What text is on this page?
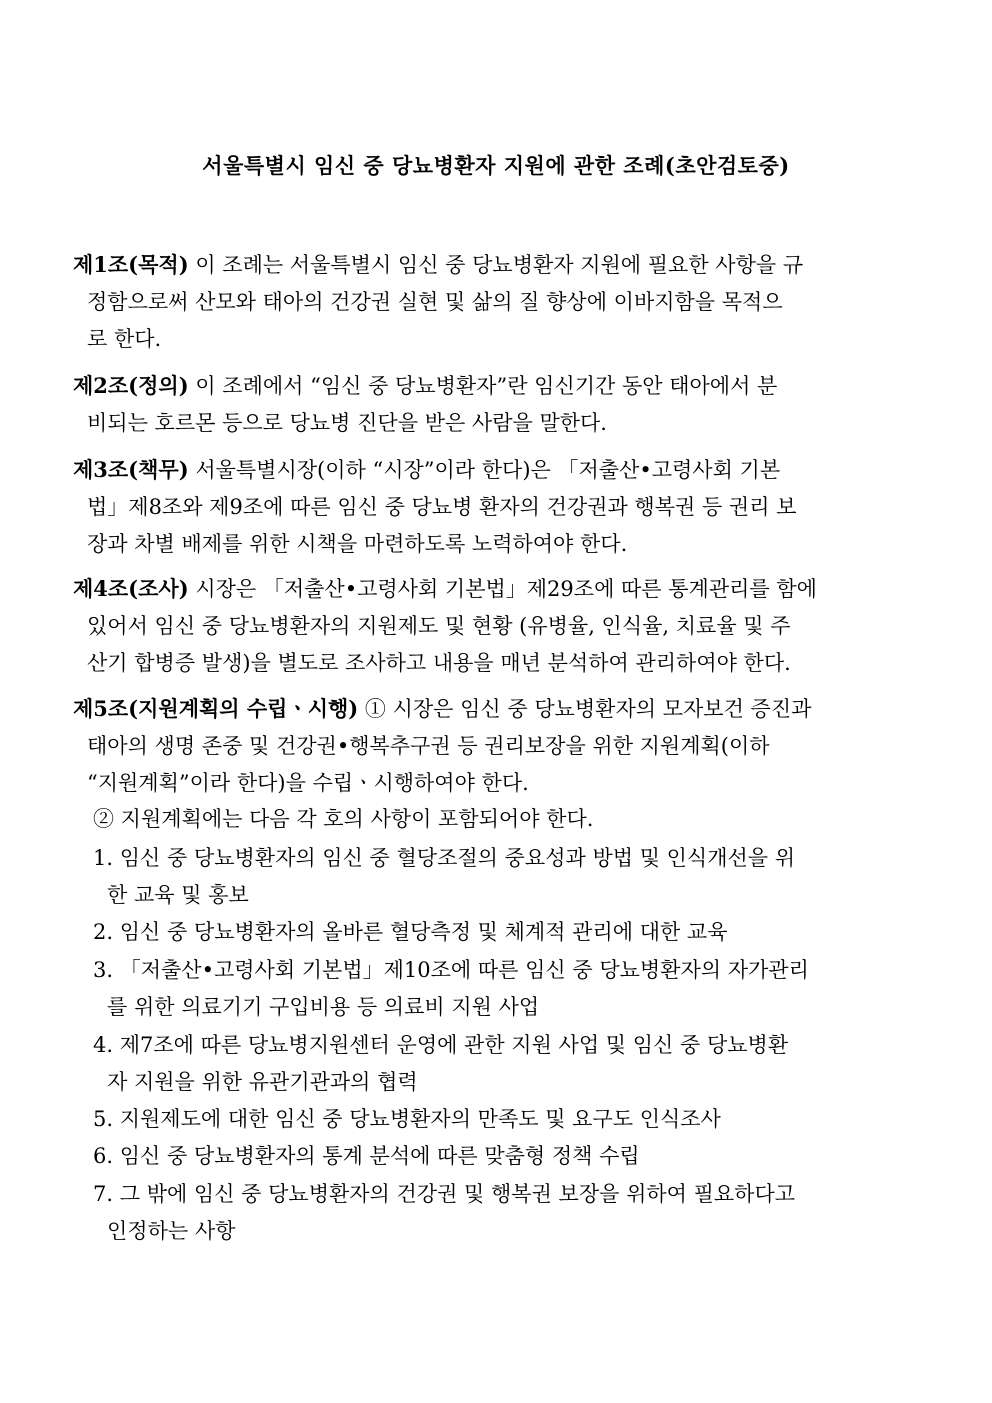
서울특별시 임신 중 당뇨병환자 지원에 관한 조례(초안검토중)
제1조(목적) 이 조례는 서울특별시 임신 중 당뇨병환자 지원에 필요한 사항을 규
정함으로써 산모와 태아의 건강권 실현 및 삶의 질 향상에 이바지함을 목적으
로 한다.
제2조(정의) 이 조례에서 “임신 중 당뇨병환자”란 임신기간 동안 태아에서 분
비되는 호르몬 등으로 당뇨병 진단을 받은 사람을 말한다.
제3조(책무) 서울특별시장(이하 “시장”이라 한다)은 「저출산•고령사회 기본
법」제8조와 제9조에 따른 임신 중 당뇨병 환자의 건강권과 행복권 등 권리 보
장과 차별 배제를 위한 시책을 마련하도록 노력하여야 한다.
제4조(조사) 시장은 「저출산•고령사회 기본법」제29조에 따른 통계관리를 함에
있어서 임신 중 당뇨병환자의 지원제도 및 현황 (유병율, 인식율, 치료율 및 주
산기 합병증 발생)을 별도로 조사하고 내용을 매년 분석하여 관리하여야 한다.
제5조(지원계획의 수립ㆍ시행) ① 시장은 임신 중 당뇨병환자의 모자보건 증진과
태아의 생명 존중 및 건강권•행복추구권 등 권리보장을 위한 지원계획(이하
“지원계획”이라 한다)을 수립ㆍ시행하여야 한다.
② 지원계획에는 다음 각 호의 사항이 포함되어야 한다.
1. 임신 중 당뇨병환자의 임신 중 혈당조절의 중요성과 방법 및 인식개선을 위
한 교육 및 홍보
2. 임신 중 당뇨병환자의 올바른 혈당측정 및 체계적 관리에 대한 교육
3. 「저출산•고령사회 기본법」제10조에 따른 임신 중 당뇨병환자의 자가관리
를 위한 의료기기 구입비용 등 의료비 지원 사업
4. 제7조에 따른 당뇨병지원센터 운영에 관한 지원 사업 및 임신 중 당뇨병환
자 지원을 위한 유관기관과의 협력
5. 지원제도에 대한 임신 중 당뇨병환자의 만족도 및 요구도 인식조사
6. 임신 중 당뇨병환자의 통계 분석에 따른 맞춤형 정책 수립
7. 그 밖에 임신 중 당뇨병환자의 건강권 및 행복권 보장을 위하여 필요하다고
인정하는 사항
